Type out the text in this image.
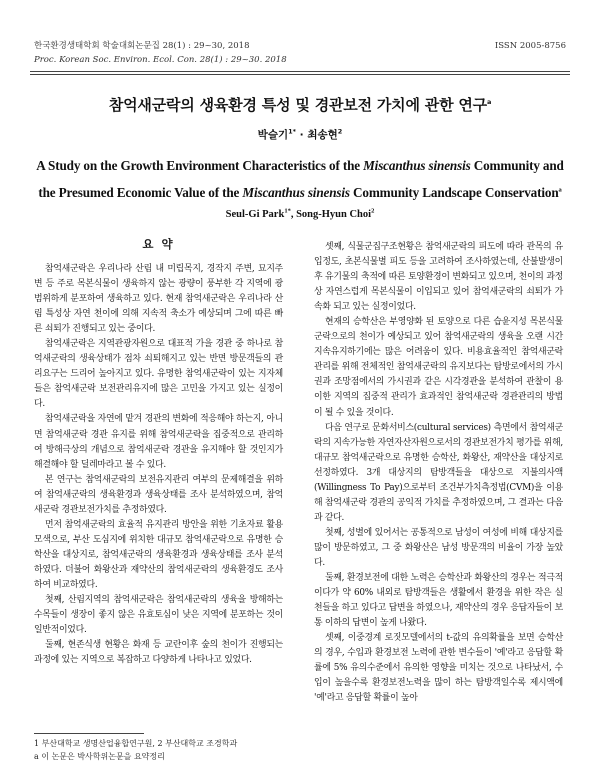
한국환경생태학회 학술대회논문집 28(1) : 29~30, 2018	ISSN 2005-8756
Proc. Korean Soc. Environ. Ecol. Con. 28(1) : 29~30. 2018
참억새군락의 생육환경 특성 및 경관보전 가치에 관한 연구$^a$
박슬기$^{1*}$ · 최송현$^2$
A Study on the Growth Environment Characteristics of the Miscanthus sinensis Community and
the Presumed Economic Value of the Miscanthus sinensis Community Landscape Conservation$^a$
Seul-Gi Park$^{1*}$, Song-Hyun Choi$^2$
요 약

참억새군락은 우리나라 산림 내 미립목지, 경작지 주변, 묘지주변 등 주로 목본식물이 생육하지 않는 광량이 풍부한 각 지역에 광범위하게 분포하여 생육하고 있다. 현재 참억새군락은 우리나라 산림 특성상 자연 천이에 의해 지속적 축소가 예상되며 그에 따른 빠른 쇠퇴가 진행되고 있는 중이다.

참억새군락은 지역관광자원으로 대표적 가을 경관 중 하나로 참억새군락의 생육상태가 점차 쇠퇴해지고 있는 반면 방문객들의 관리요구는 드리어 높아지고 있다. 유명한 참억새군락이 있는 지자체들은 참억새군락 보전관리유지에 많은 고민을 가지고 있는 실정이다.

참억새군락을 자연에 맡겨 경관의 변화에 적응해야 하는지, 아니면 참억새군락 경관 유지를 위해 참억새군락을 집중적으로 관리하여 방해극상의 개념으로 참억새군락 경관을 유지해야 할 것인지가 해결해야 할 딜레마라고 볼 수 있다.

본 연구는 참억새군락의 보전유지관리 여부의 문제해결을 위하여 참억새군락의 생육환경과 생육상태를 조사 분석하였으며, 참억새군락 경관보전가치를 추정하였다.

먼저 참억새군락의 효율적 유지관리 방안을 위한 기초자료 활용 모색으로, 부산 도심지에 위치한 대규모 참억새군락으로 유명한 승학산을 대상지로, 참억새군락의 생육환경과 생육상태를 조사 분석하였다. 더불어 화왕산과 재약산의 참억새군락의 생육환경도 조사하여 비교하였다.

첫째, 산림지역의 참억새군락은 참억새군락의 생육을 방해하는 수목들이 생장이 좋지 않은 유효토심이 낮은 지역에 분포하는 것이 일반적이었다.

둘째, 현존식생 현황은 화재 등 교란이후 숲의 천이가 진행되는 과정에 있는 지역으로 복잡하고 다양하게 나타나고 있었다.

셋째, 식물군집구조현황은 참억새군락의 피도에 따라 관목의 유입정도, 초본식물별 피도 등을 고려하여 조사하였는데, 산불발생이후 유기물의 축적에 따른 토양환경이 변화되고 있으며, 천이의 과정상 자연스럽게 목본식물이 이입되고 있어 참억새군락의 쇠퇴가 가속화 되고 있는 실정이었다.

현재의 승학산은 부영양화 된 토양으로 다른 습윤지성 목본식물군락으로의 천이가 예상되고 있어 참억새군락의 생육을 오랜 시간 지속유지하기에는 많은 어려움이 있다. 비용효율적인 참억새군락 관리를 위해 전체적인 참억새군락의 유지보다는 탐방로에서의 가시권과 조망점에서의 가시권과 같은 시각경관을 분석하여 관찰이 용이한 지역의 집중적 관리가 효과적인 참억새군락 경관관리의 방법이 될 수 있을 것이다.

다음 연구로 문화서비스(cultural services) 측면에서 참억새군락의 지속가능한 자연자산자원으로서의 경관보전가치 평가를 위해, 대규모 참억새군락으로 유명한 승학산, 화왕산, 재약산을 대상지로 선정하였다. 3개 대상지의 탐방객들을 대상으로 지불의사액(Willingness To Pay)으로부터 조건부가치측정법(CVM)을 이용해 참억새군락 경관의 공익적 가치를 추정하였으며, 그 결과는 다음과 같다.

첫째, 성별에 있어서는 공통적으로 남성이 여성에 비해 대상지를 많이 방문하였고, 그 중 화왕산은 남성 방문객의 비율이 가장 높았다.

둘째, 환경보전에 대한 노력은 승학산과 화왕산의 경우는 적극적이다가 약 60% 내외로 탐방객들은 생활에서 환경을 위한 작은 실천들을 하고 있다고 답변을 하였으나, 재약산의 경우 응답자들이 보통 이하의 답변이 높게 나왔다.

셋째, 이중경계 로짓모델에서의 t-값의 유의확률을 보면 승학산의 경우, 수입과 환경보전 노력에 관한 변수들이 '예'라고 응답할 확률에 5% 유의수준에서 유의한 영향을 미치는 것으로 나타났서, 수입이 높을수록 환경보전노력을 많이 하는 탐방객일수록 제시액에 '예'라고 응답할 확률이 높아

1 부산대학교 생명산업융합연구원, 2 부산대학교 조경학과
a 이 논문은 박사학위논문을 요약정리
